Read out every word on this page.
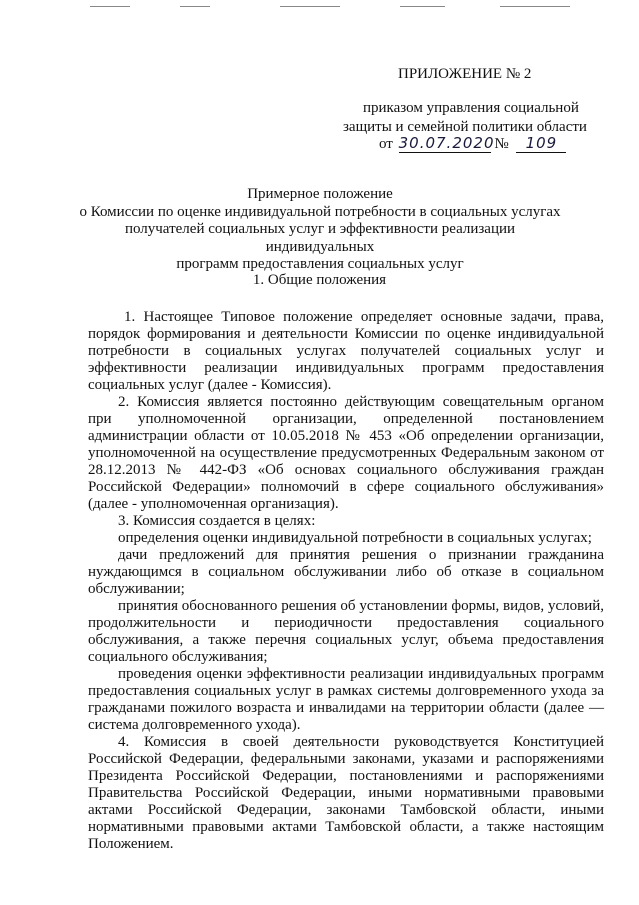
ПРИЛОЖЕНИЕ № 2
приказом управления социальной
защиты и семейной политики области
от 30.07.2020 № 109
Примерное положение
о Комиссии по оценке индивидуальной потребности в социальных услугах
получателей социальных услуг и эффективности реализации индивидуальных
программ предоставления социальных услуг
1. Общие положения

1. Настоящее Типовое положение определяет основные задачи, права, порядок формирования и деятельности Комиссии по оценке индивидуальной потребности в социальных услугах получателей социальных услуг и эффективности реализации индивидуальных программ предоставления социальных услуг (далее - Комиссия).

2. Комиссия является постоянно действующим совещательным органом при уполномоченной организации, определенной постановлением администрации области от 10.05.2018 № 453 «Об определении организации, уполномоченной на осуществление предусмотренных Федеральным законом от 28.12.2013 № 442-ФЗ «Об основах социального обслуживания граждан Российской Федерации» полномочий в сфере социального обслуживания» (далее - уполномоченная организация).

3. Комиссия создается в целях:

определения оценки индивидуальной потребности в социальных услугах;

дачи предложений для принятия решения о признании гражданина нуждающимся в социальном обслуживании либо об отказе в социальном обслуживании;

принятия обоснованного решения об установлении формы, видов, условий, продолжительности и периодичности предоставления социального обслуживания, а также перечня социальных услуг, объема предоставления социального обслуживания;

проведения оценки эффективности реализации индивидуальных программ предоставления социальных услуг в рамках системы долговременного ухода за гражданами пожилого возраста и инвалидами на территории области (далее — система долговременного ухода).

4. Комиссия в своей деятельности руководствуется Конституцией Российской Федерации, федеральными законами, указами и распоряжениями Президента Российской Федерации, постановлениями и распоряжениями Правительства Российской Федерации, иными нормативными правовыми актами Российской Федерации, законами Тамбовской области, иными нормативными правовыми актами Тамбовской области, а также настоящим Положением.
